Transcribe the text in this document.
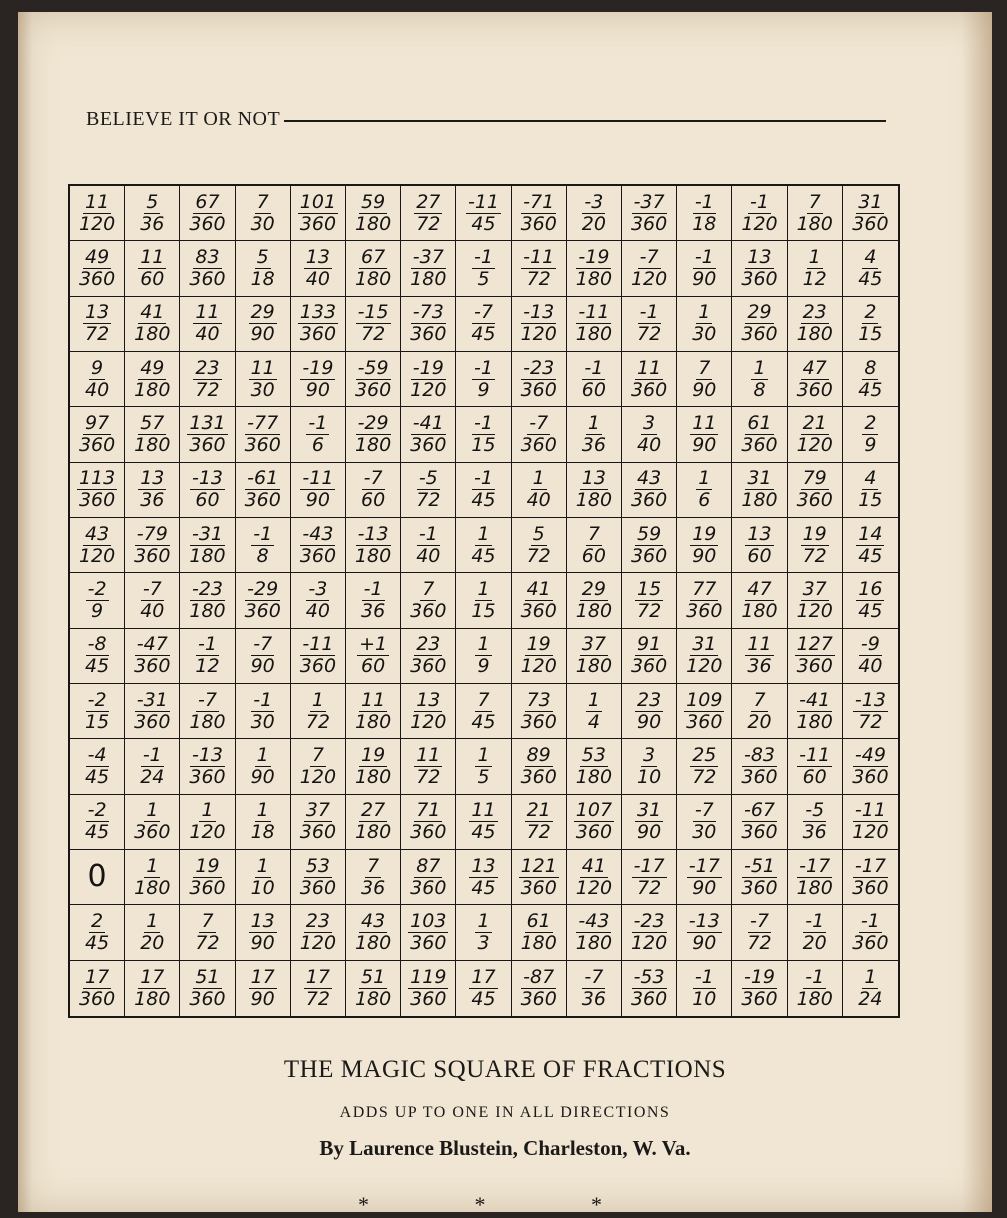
BELIEVE IT OR NOT
$\frac{11}{120} \frac{5}{36} \frac{67}{360} \frac{7}{30} \frac{101}{360} \frac{59}{180} \frac{27}{72} \frac{-11}{45} \frac{-71}{360} \frac{-3}{20} \frac{-37}{360} \frac{-1}{18} \frac{-1}{120} \frac{7}{180} \frac{31}{360}$
$\frac{49}{360} \frac{11}{60} \frac{83}{360} \frac{5}{18} \frac{13}{40} \frac{67}{180} \frac{-37}{180} \frac{-1}{5} \frac{-11}{72} \frac{-19}{180} \frac{-7}{120} \frac{-1}{90} \frac{13}{360} \frac{1}{12} \frac{4}{45}$
$\frac{13}{72} \frac{41}{180} \frac{11}{40} \frac{29}{90} \frac{133}{360} \frac{-15}{72} \frac{-73}{360} \frac{-7}{45} \frac{-13}{120} \frac{-11}{180} \frac{-1}{72} \frac{1}{30} \frac{29}{360} \frac{23}{180} \frac{2}{15}$
$\frac{9}{40} \frac{49}{180} \frac{23}{72} \frac{11}{30} \frac{-19}{90} \frac{-59}{360} \frac{-19}{120} \frac{-1}{9} \frac{-23}{360} \frac{-1}{60} \frac{11}{360} \frac{7}{90} \frac{1}{8} \frac{47}{360} \frac{8}{45}$
$\frac{97}{360} \frac{57}{180} \frac{131}{360} \frac{-77}{360} \frac{-1}{6} \frac{-29}{180} \frac{-41}{360} \frac{-1}{15} \frac{-7}{360} \frac{1}{36} \frac{3}{40} \frac{11}{90} \frac{61}{360} \frac{21}{120} \frac{2}{9}$
$\frac{113}{360} \frac{13}{36} \frac{-13}{60} \frac{-61}{360} \frac{-11}{90} \frac{-7}{60} \frac{-5}{72} \frac{-1}{45} \frac{1}{40} \frac{13}{180} \frac{43}{360} \frac{1}{6} \frac{31}{180} \frac{79}{360} \frac{4}{15}$
$\frac{43}{120} \frac{-79}{360} \frac{-31}{180} \frac{-1}{8} \frac{-43}{360} \frac{-13}{180} \frac{-1}{40} \frac{1}{45} \frac{5}{72} \frac{7}{60} \frac{59}{360} \frac{19}{90} \frac{13}{60} \frac{19}{72} \frac{14}{45}$
$\frac{-2}{9} \frac{-7}{40} \frac{-23}{180} \frac{-29}{360} \frac{-3}{40} \frac{-1}{36} \frac{7}{360} \frac{1}{15} \frac{41}{360} \frac{29}{180} \frac{15}{72} \frac{77}{360} \frac{47}{180} \frac{37}{120} \frac{16}{45}$
$\frac{-8}{45} \frac{-47}{360} \frac{-1}{12} \frac{-7}{90} \frac{-11}{360} \frac{+1}{60} \frac{23}{360} \frac{1}{9} \frac{19}{120} \frac{37}{180} \frac{91}{360} \frac{31}{120} \frac{11}{36} \frac{127}{360} \frac{-9}{40}$
$\frac{-2}{15} \frac{-31}{360} \frac{-7}{180} \frac{-1}{30} \frac{1}{72} \frac{11}{180} \frac{13}{120} \frac{7}{45} \frac{73}{360} \frac{1}{4} \frac{23}{90} \frac{109}{360} \frac{7}{20} \frac{-41}{180} \frac{-13}{72}$
$\frac{-4}{45} \frac{-1}{24} \frac{-13}{360} \frac{1}{90} \frac{7}{120} \frac{19}{180} \frac{11}{72} \frac{1}{5} \frac{89}{360} \frac{53}{180} \frac{3}{10} \frac{25}{72} \frac{-83}{360} \frac{-11}{60} \frac{-49}{360}$
$\frac{-2}{45} \frac{1}{360} \frac{1}{120} \frac{1}{18} \frac{37}{360} \frac{27}{180} \frac{71}{360} \frac{11}{45} \frac{21}{72} \frac{107}{360} \frac{31}{90} \frac{-7}{30} \frac{-67}{360} \frac{-5}{36} \frac{-11}{120}$
$0 \frac{1}{180} \frac{19}{360} \frac{1}{10} \frac{53}{360} \frac{7}{36} \frac{87}{360} \frac{13}{45} \frac{121}{360} \frac{41}{120} \frac{-17}{72} \frac{-17}{90} \frac{-51}{360} \frac{-17}{180} \frac{-17}{360}$
$\frac{2}{45} \frac{1}{20} \frac{7}{72} \frac{13}{90} \frac{23}{120} \frac{43}{180} \frac{103}{360} \frac{1}{3} \frac{61}{180} \frac{-43}{180} \frac{-23}{120} \frac{-13}{90} \frac{-7}{72} \frac{-1}{20} \frac{-1}{360}$
$\frac{17}{360} \frac{17}{180} \frac{51}{360} \frac{17}{90} \frac{17}{72} \frac{51}{180} \frac{119}{360} \frac{17}{45} \frac{-87}{360} \frac{-7}{36} \frac{-53}{360} \frac{-1}{10} \frac{-19}{360} \frac{-1}{180} \frac{1}{24}$
THE MAGIC SQUARE OF FRACTIONS
ADDS UP TO ONE IN ALL DIRECTIONS
By Laurence Blustein, Charleston, W. Va.
* * *
